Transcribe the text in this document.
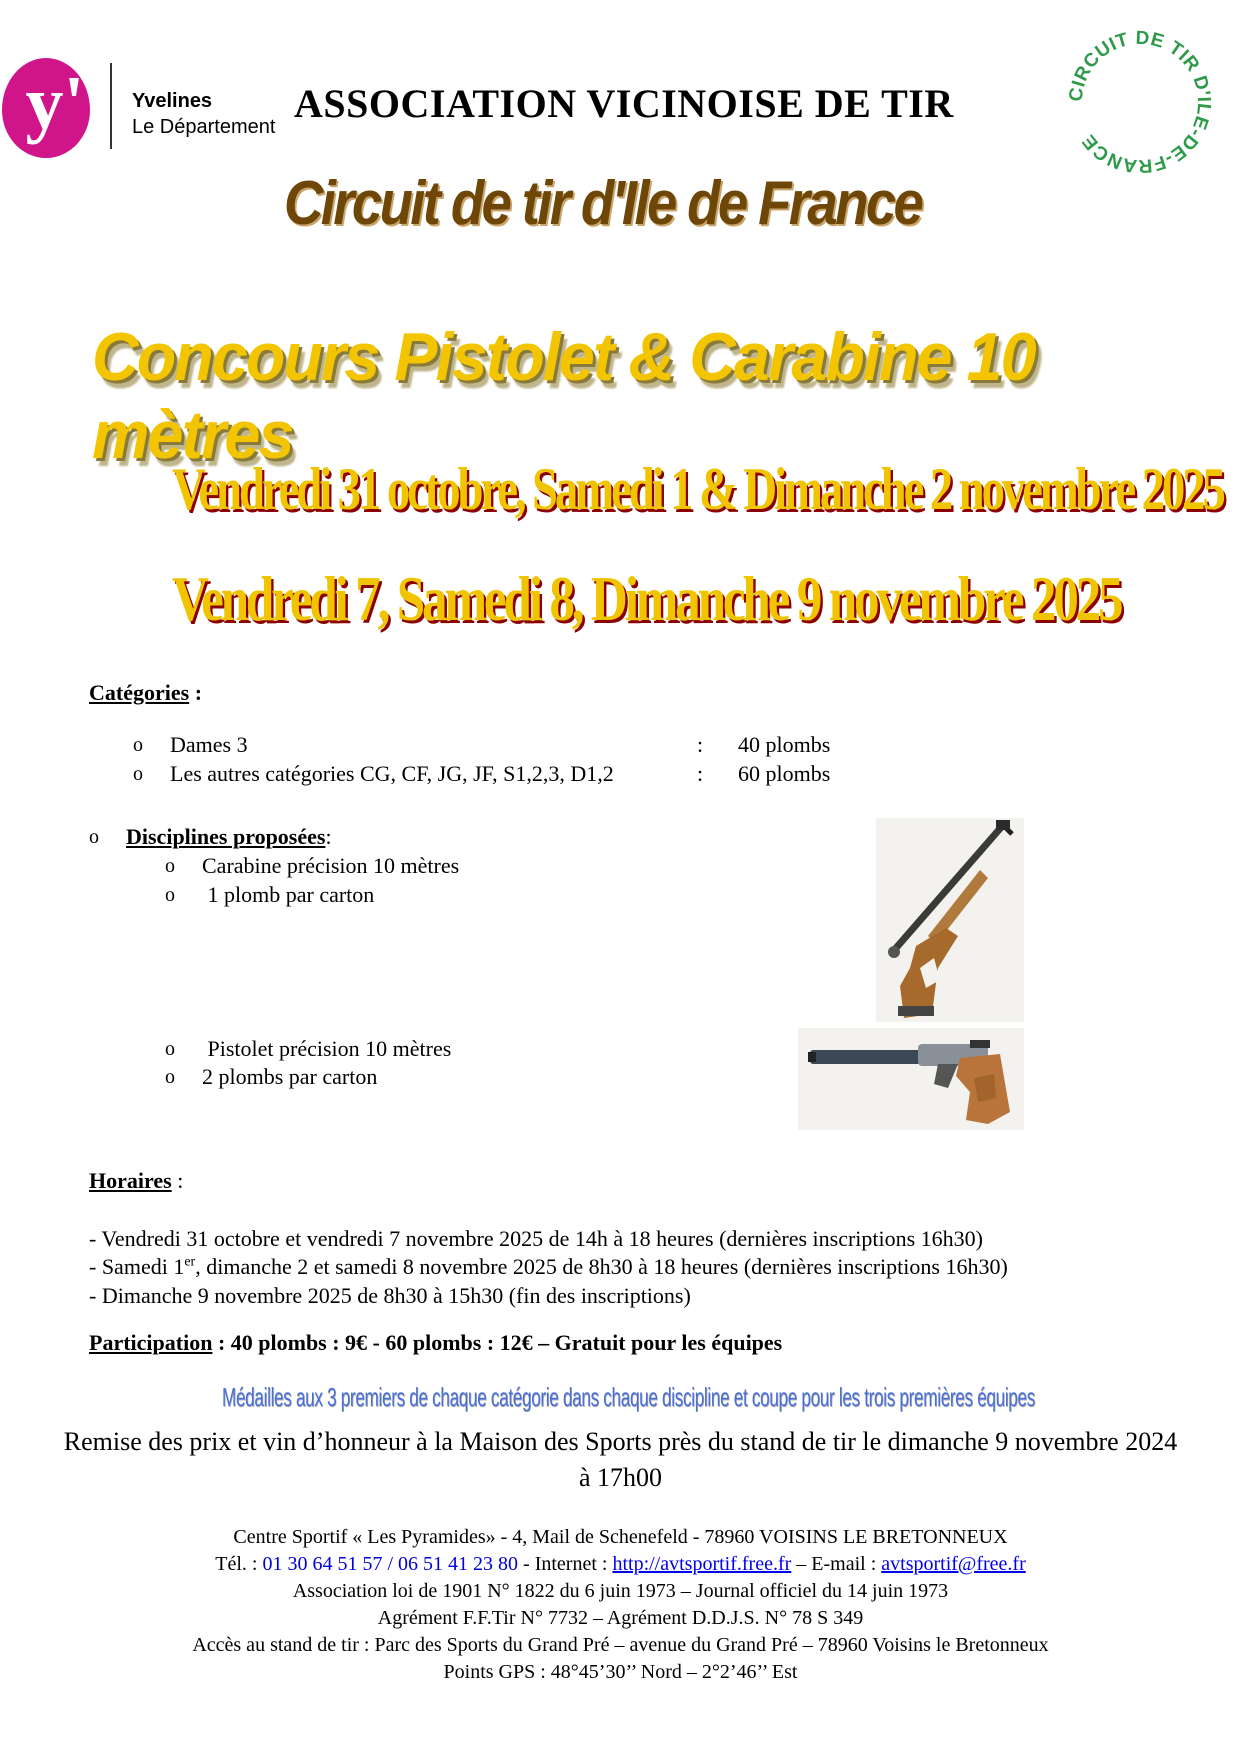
y' Yvelines
Le Département
ASSOCIATION VICINOISE DE TIR	CIRCUIT DE TIR D'ILE-DE-FRANCE
Circuit de tir d'Ile de France
Concours Pistolet & Carabine 10 mètres
Vendredi 31 octobre, Samedi 1 & Dimanche 2 novembre 2025
Vendredi 7, Samedi 8, Dimanche 9 novembre 2025
Catégories :
o Dames 3	: 40 plombs
o Les autres catégories CG, CF, JG, JF, S1,2,3, D1,2	: 60 plombs
o Disciplines proposées:
o Carabine précision 10 mètres
o 1 plomb par carton
o Pistolet précision 10 mètres
o 2 plombs par carton
Horaires :
- Vendredi 31 octobre et vendredi 7 novembre 2025 de 14h à 18 heures (dernières inscriptions 16h30)
- Samedi 1er, dimanche 2 et samedi 8 novembre 2025 de 8h30 à 18 heures (dernières inscriptions 16h30)
- Dimanche 9 novembre 2025 de 8h30 à 15h30 (fin des inscriptions)
Participation : 40 plombs : 9€ - 60 plombs : 12€ – Gratuit pour les équipes
Médailles aux 3 premiers de chaque catégorie dans chaque discipline et coupe pour les trois premières équipes
Remise des prix et vin d’honneur à la Maison des Sports près du stand de tir le dimanche 9 novembre 2024 à 17h00
Centre Sportif « Les Pyramides» - 4, Mail de Schenefeld - 78960 VOISINS LE BRETONNEUX
Tél. : 01 30 64 51 57 / 06 51 41 23 80 - Internet : http://avtsportif.free.fr – E-mail : avtsportif@free.fr
Association loi de 1901 N° 1822 du 6 juin 1973 – Journal officiel du 14 juin 1973
Agrément F.F.Tir N° 7732 – Agrément D.D.J.S. N° 78 S 349
Accès au stand de tir : Parc des Sports du Grand Pré – avenue du Grand Pré – 78960 Voisins le Bretonneux
Points GPS : 48°45’30’’ Nord – 2°2’46’’ Est
